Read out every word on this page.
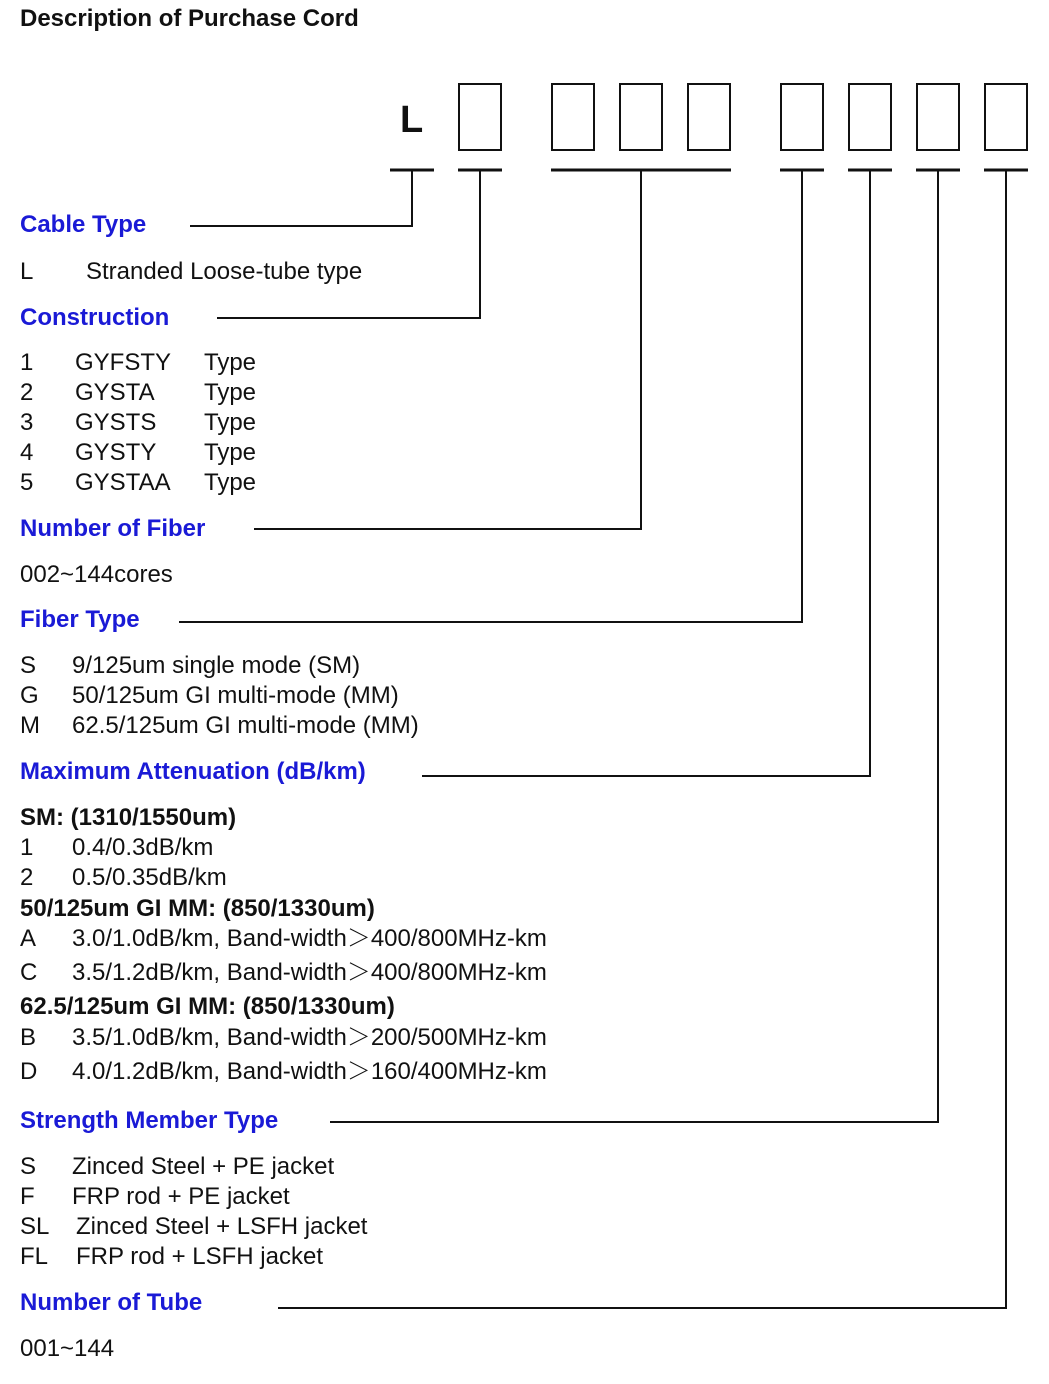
Description of Purchase Cord
L
Cable Type
L Stranded Loose-tube type
Construction
1 GYFSTY Type
2 GYSTA Type
3 GYSTS Type
4 GYSTY Type
5 GYSTAA Type
Number of Fiber
002~144cores
Fiber Type
S 9/125um single mode (SM)
G 50/125um GI multi-mode (MM)
M 62.5/125um GI multi-mode (MM)
Maximum Attenuation (dB/km)
SM: (1310/1550um)
1 0.4/0.3dB/km
2 0.5/0.35dB/km
50/125um GI MM: (850/1330um)
A 3.0/1.0dB/km, Band-width＞400/800MHz-km
C 3.5/1.2dB/km, Band-width＞400/800MHz-km
62.5/125um GI MM: (850/1330um)
B 3.5/1.0dB/km, Band-width＞200/500MHz-km
D 4.0/1.2dB/km, Band-width＞160/400MHz-km
Strength Member Type
S Zinced Steel + PE jacket
F FRP rod + PE jacket
SL Zinced Steel + LSFH jacket
FL FRP rod + LSFH jacket
Number of Tube
001~144
